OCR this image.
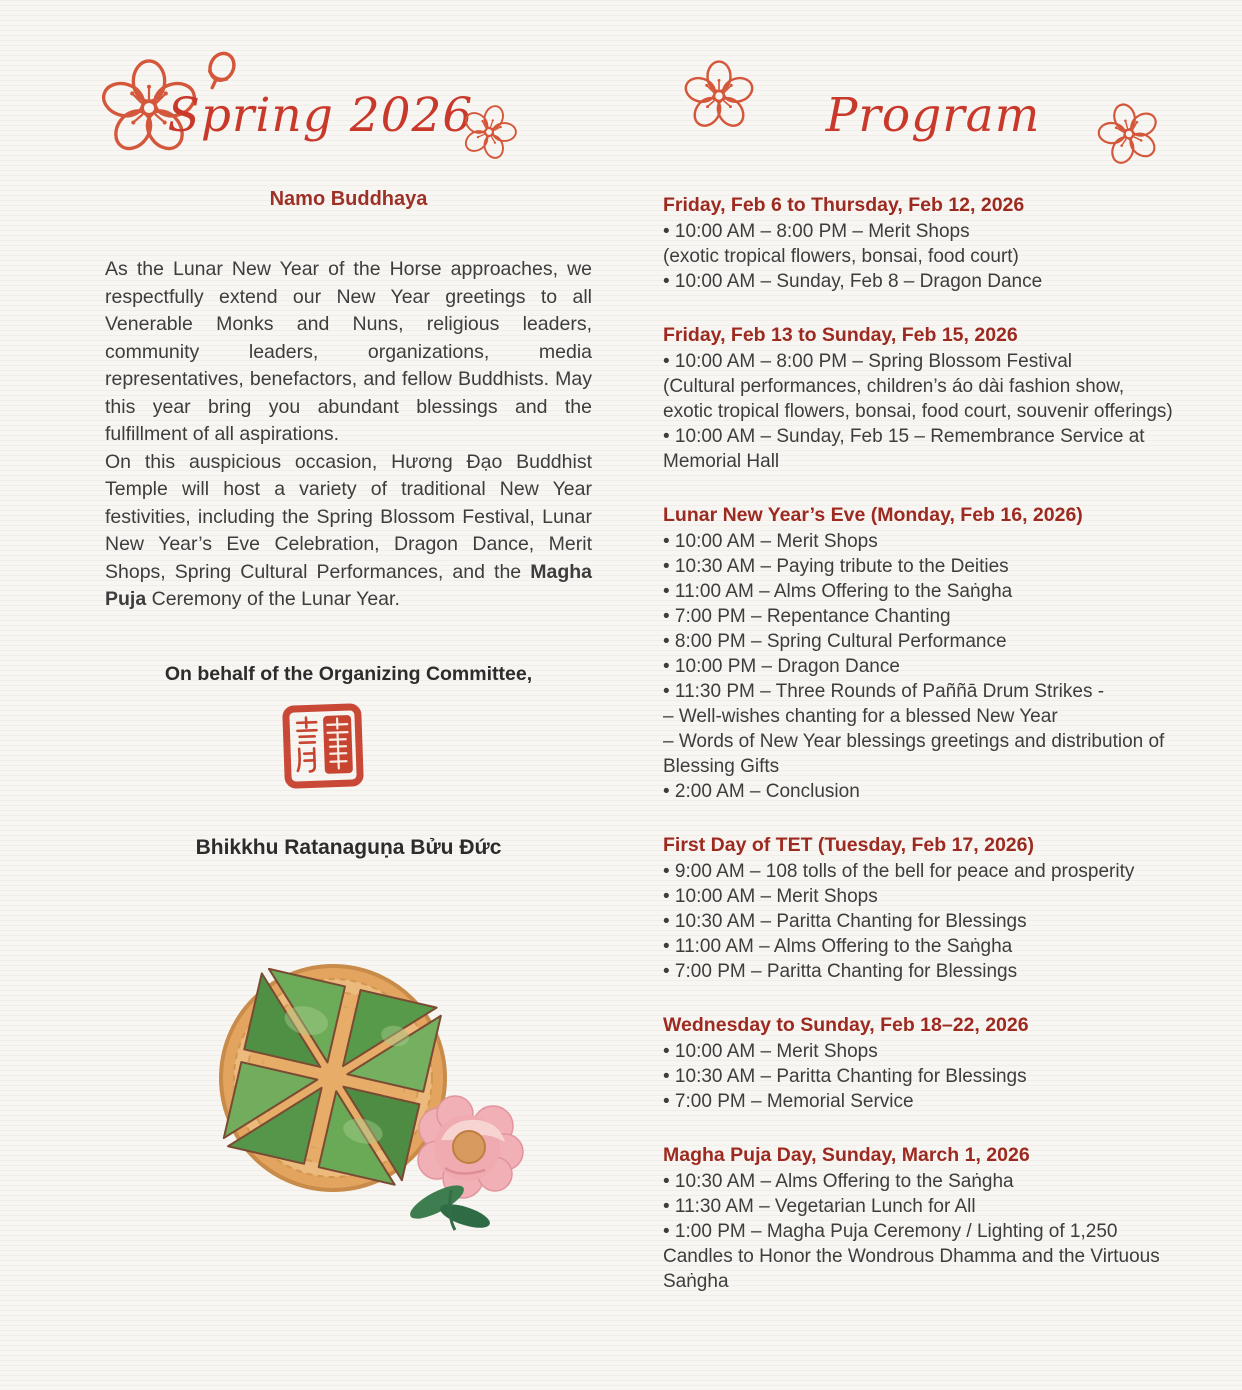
Spring 2026
Namo Buddhaya

As the Lunar New Year of the Horse approaches, we respectfully extend our New Year greetings to all Venerable Monks and Nuns, religious leaders, community leaders, organizations, media representatives, benefactors, and fellow Buddhists. May this year bring you abundant blessings and the fulfillment of all aspirations.

On this auspicious occasion, Hương Đạo Buddhist Temple will host a variety of traditional New Year festivities, including the Spring Blossom Festival, Lunar New Year’s Eve Celebration, Dragon Dance, Merit Shops, Spring Cultural Performances, and the Magha Puja Ceremony of the Lunar Year.

On behalf of the Organizing Committee,

Bhikkhu Ratanaguṇa Bửu Đức

Program
Friday, Feb 6 to Thursday, Feb 12, 2026

• 10:00 AM – 8:00 PM – Merit Shops

(exotic tropical flowers, bonsai, food court)

• 10:00 AM – Sunday, Feb 8 – Dragon Dance

Friday, Feb 13 to Sunday, Feb 15, 2026

• 10:00 AM – 8:00 PM – Spring Blossom Festival

(Cultural performances, children’s áo dài fashion show,

exotic tropical flowers, bonsai, food court, souvenir offerings)

• 10:00 AM – Sunday, Feb 15 – Remembrance Service at

Memorial Hall

Lunar New Year’s Eve (Monday, Feb 16, 2026)

• 10:00 AM – Merit Shops

• 10:30 AM – Paying tribute to the Deities

• 11:00 AM – Alms Offering to the Saṅgha

• 7:00 PM – Repentance Chanting

• 8:00 PM – Spring Cultural Performance

• 10:00 PM – Dragon Dance

• 11:30 PM – Three Rounds of Paññā Drum Strikes -

– Well-wishes chanting for a blessed New Year

– Words of New Year blessings greetings and distribution of

Blessing Gifts

• 2:00 AM – Conclusion

First Day of TET (Tuesday, Feb 17, 2026)

• 9:00 AM – 108 tolls of the bell for peace and prosperity

• 10:00 AM – Merit Shops

• 10:30 AM – Paritta Chanting for Blessings

• 11:00 AM – Alms Offering to the Saṅgha

• 7:00 PM – Paritta Chanting for Blessings

Wednesday to Sunday, Feb 18–22, 2026

• 10:00 AM – Merit Shops

• 10:30 AM – Paritta Chanting for Blessings

• 7:00 PM – Memorial Service

Magha Puja Day, Sunday, March 1, 2026

• 10:30 AM – Alms Offering to the Saṅgha

• 11:30 AM – Vegetarian Lunch for All

• 1:00 PM – Magha Puja Ceremony / Lighting of 1,250

Candles to Honor the Wondrous Dhamma and the Virtuous

Saṅgha
